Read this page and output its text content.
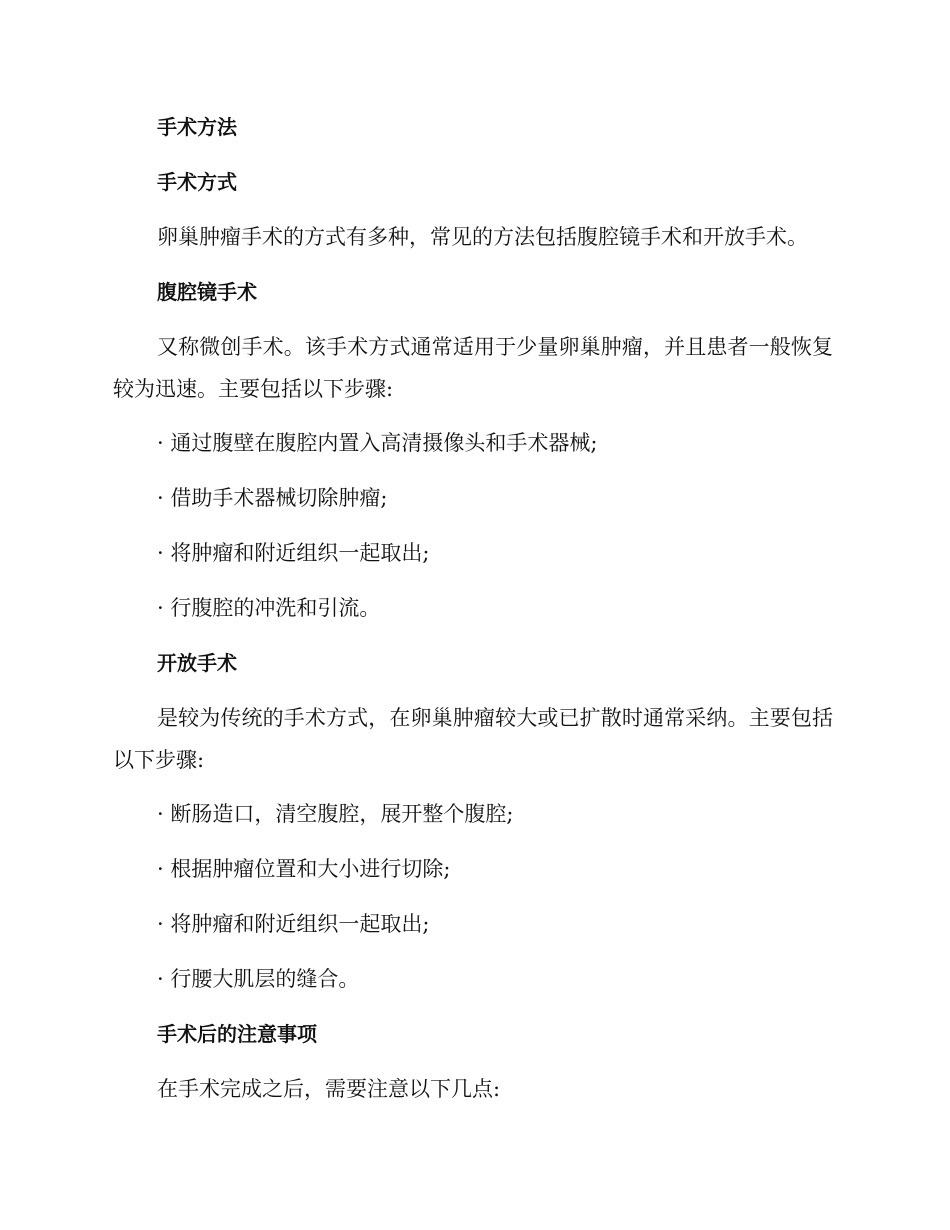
手术方法
手术方式
卵巢肿瘤手术的方式有多种，常见的方法包括腹腔镜手术和开放手术。
腹腔镜手术
又称微创手术。该手术方式通常适用于少量卵巢肿瘤，并且患者一般恢复较为迅速。主要包括以下步骤:
· 通过腹壁在腹腔内置入高清摄像头和手术器械;
· 借助手术器械切除肿瘤;
· 将肿瘤和附近组织一起取出;
· 行腹腔的冲洗和引流。
开放手术
是较为传统的手术方式，在卵巢肿瘤较大或已扩散时通常采纳。主要包括以下步骤:
· 断肠造口，清空腹腔，展开整个腹腔;
· 根据肿瘤位置和大小进行切除;
· 将肿瘤和附近组织一起取出;
· 行腰大肌层的缝合。
手术后的注意事项
在手术完成之后，需要注意以下几点:
